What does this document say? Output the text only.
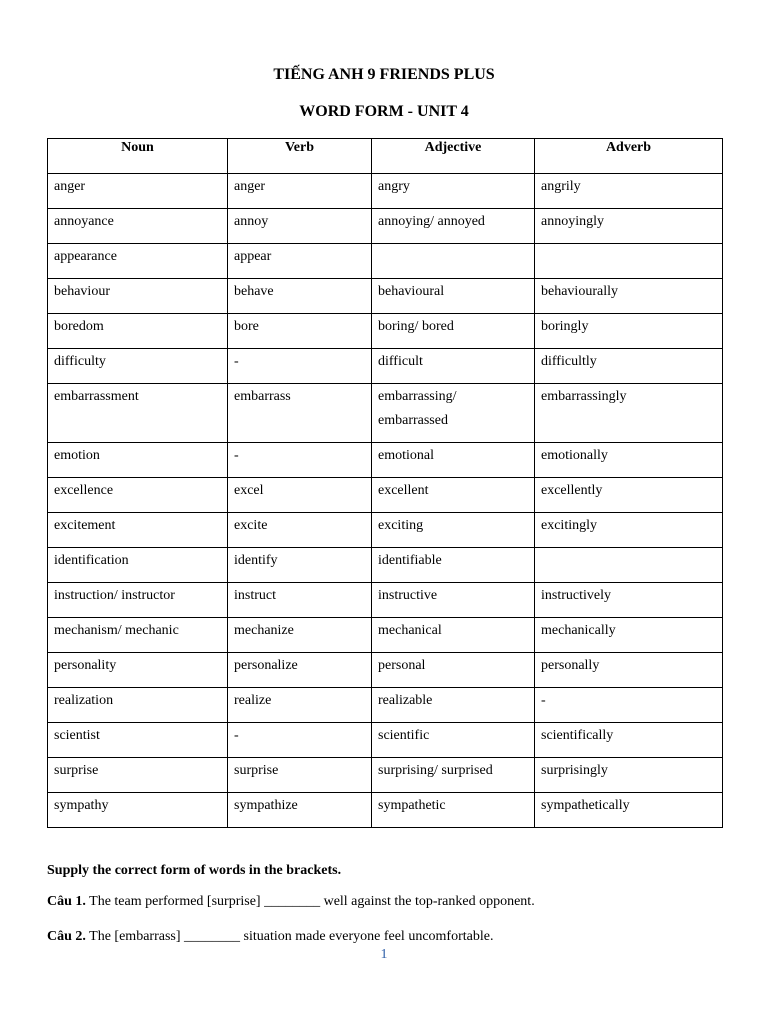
TIẾNG ANH 9 FRIENDS PLUS
WORD FORM - UNIT 4
Noun	Verb	Adjective	Adverb

anger	anger	angry	angrily

annoyance	annoy	annoying/ annoyed	annoyingly

appearance	appear		

behaviour	behave	behavioural	behaviourally

boredom	bore	boring/ bored	boringly

difficulty	-	difficult	difficultly

embarrassment	embarrass	embarrassing/ embarrassed	embarrassingly

emotion	-	emotional	emotionally

excellence	excel	excellent	excellently

excitement	excite	exciting	excitingly

identification	identify	identifiable	

instruction/ instructor	instruct	instructive	instructively

mechanism/ mechanic	mechanize	mechanical	mechanically

personality	personalize	personal	personally

realization	realize	realizable	-

scientist	-	scientific	scientifically

surprise	surprise	surprising/ surprised	surprisingly

sympathy	sympathize	sympathetic	sympathetically
Supply the correct form of words in the brackets.
Câu 1. The team performed [surprise] ________ well against the top-ranked opponent.
Câu 2. The [embarrass] ________ situation made everyone feel uncomfortable.
1
